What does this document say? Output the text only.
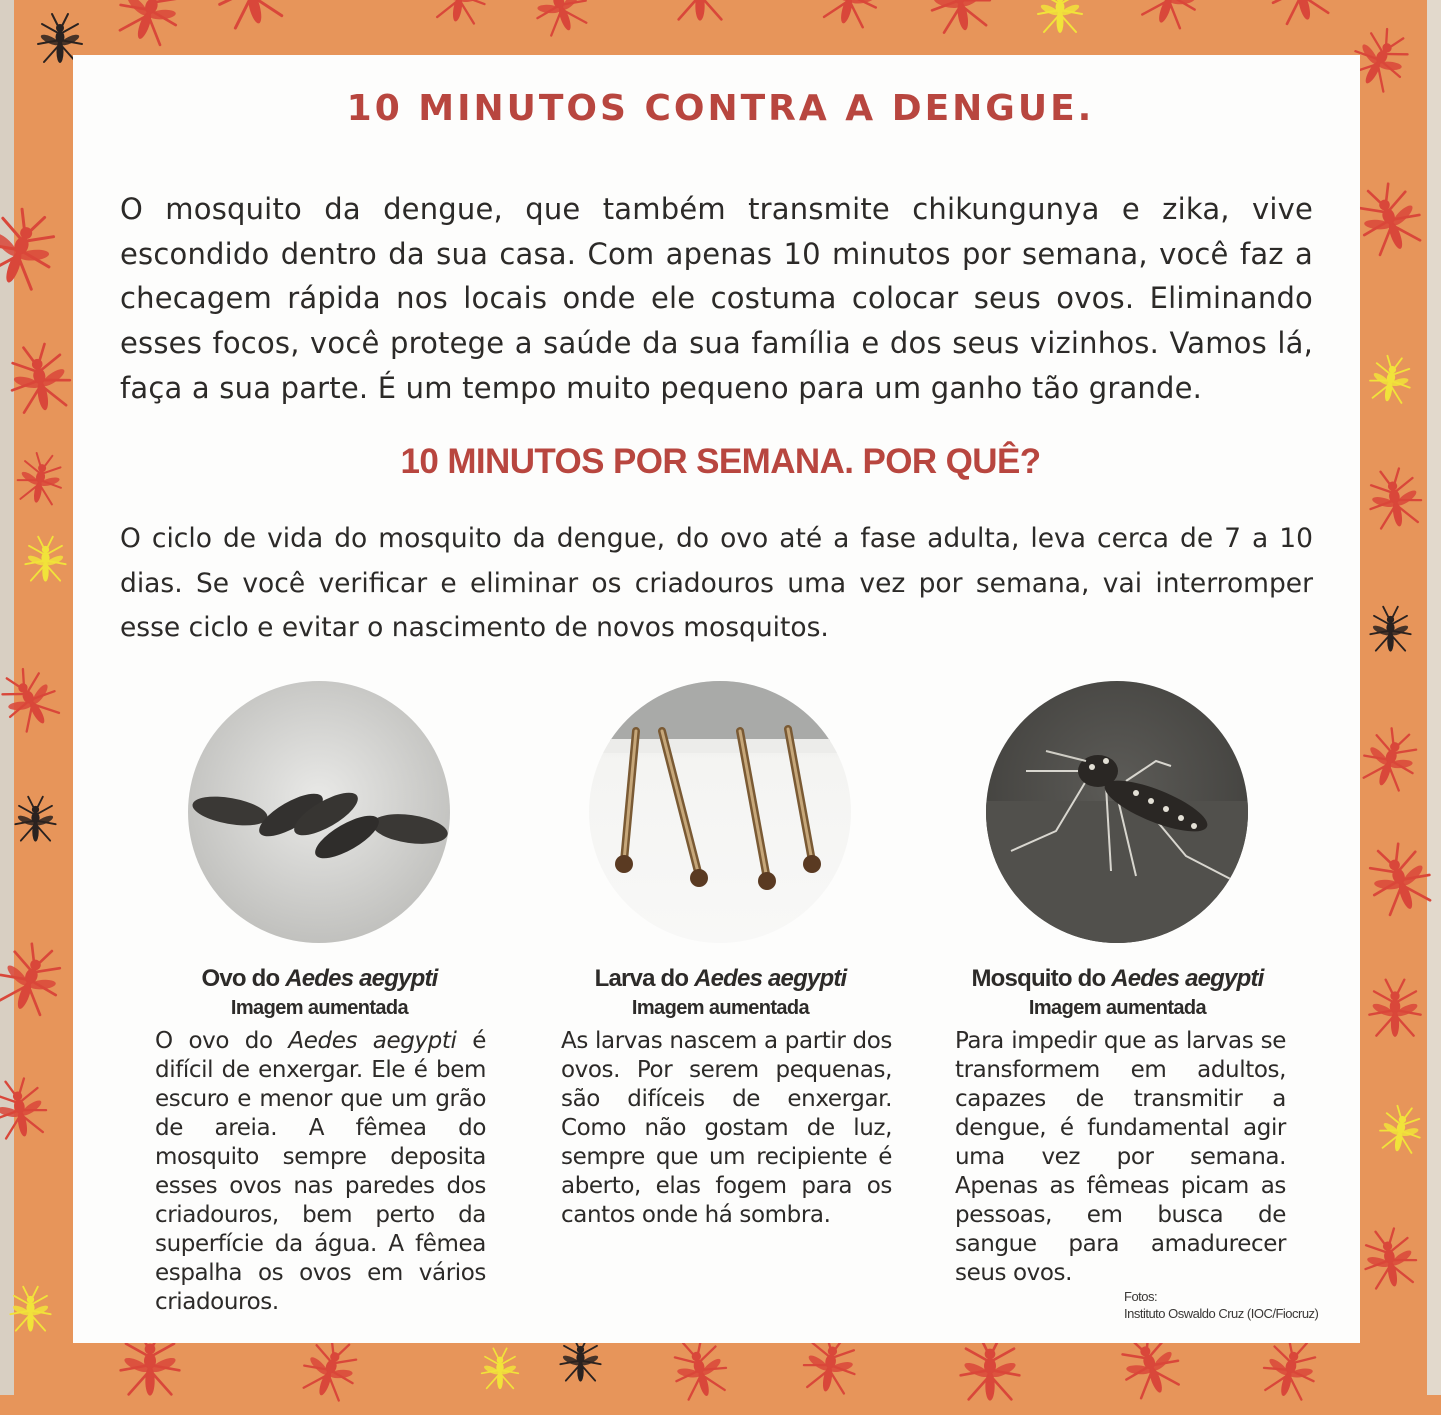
10 MINUTOS CONTRA A DENGUE.

O mosquito da dengue, que também transmite chikungunya e zika, vive escondido dentro da sua casa. Com apenas 10 minutos por semana, você faz a checagem rápida nos locais onde ele costuma colocar seus ovos. Eliminando esses focos, você protege a saúde da sua família e dos seus vizinhos. Vamos lá, faça a sua parte. É um tempo muito pequeno para um ganho tão grande.

10 MINUTOS POR SEMANA. POR QUÊ?

O ciclo de vida do mosquito da dengue, do ovo até a fase adulta, leva cerca de 7 a 10 dias. Se você verificar e eliminar os criadouros uma vez por semana, vai interromper esse ciclo e evitar o nascimento de novos mosquitos.

Ovo do Aedes aegypti

Imagem aumentada

O ovo do Aedes aegypti é difícil de enxergar. Ele é bem escuro e menor que um grão de areia. A fêmea do mosquito sempre deposita esses ovos nas paredes dos criadouros, bem perto da superfície da água. A fêmea espalha os ovos em vários criadouros.

Larva do Aedes aegypti

Imagem aumentada

As larvas nascem a partir dos ovos. Por serem pequenas, são difíceis de enxergar. Como não gostam de luz, sempre que um recipiente é aberto, elas fogem para os cantos onde há sombra.

Mosquito do Aedes aegypti

Imagem aumentada

Para impedir que as larvas se transformem em adultos, capazes de transmitir a dengue, é fundamental agir uma vez por semana. Apenas as fêmeas picam as pessoas, em busca de sangue para amadurecer seus ovos.

Fotos:
Instituto Oswaldo Cruz (IOC/Fiocruz)
